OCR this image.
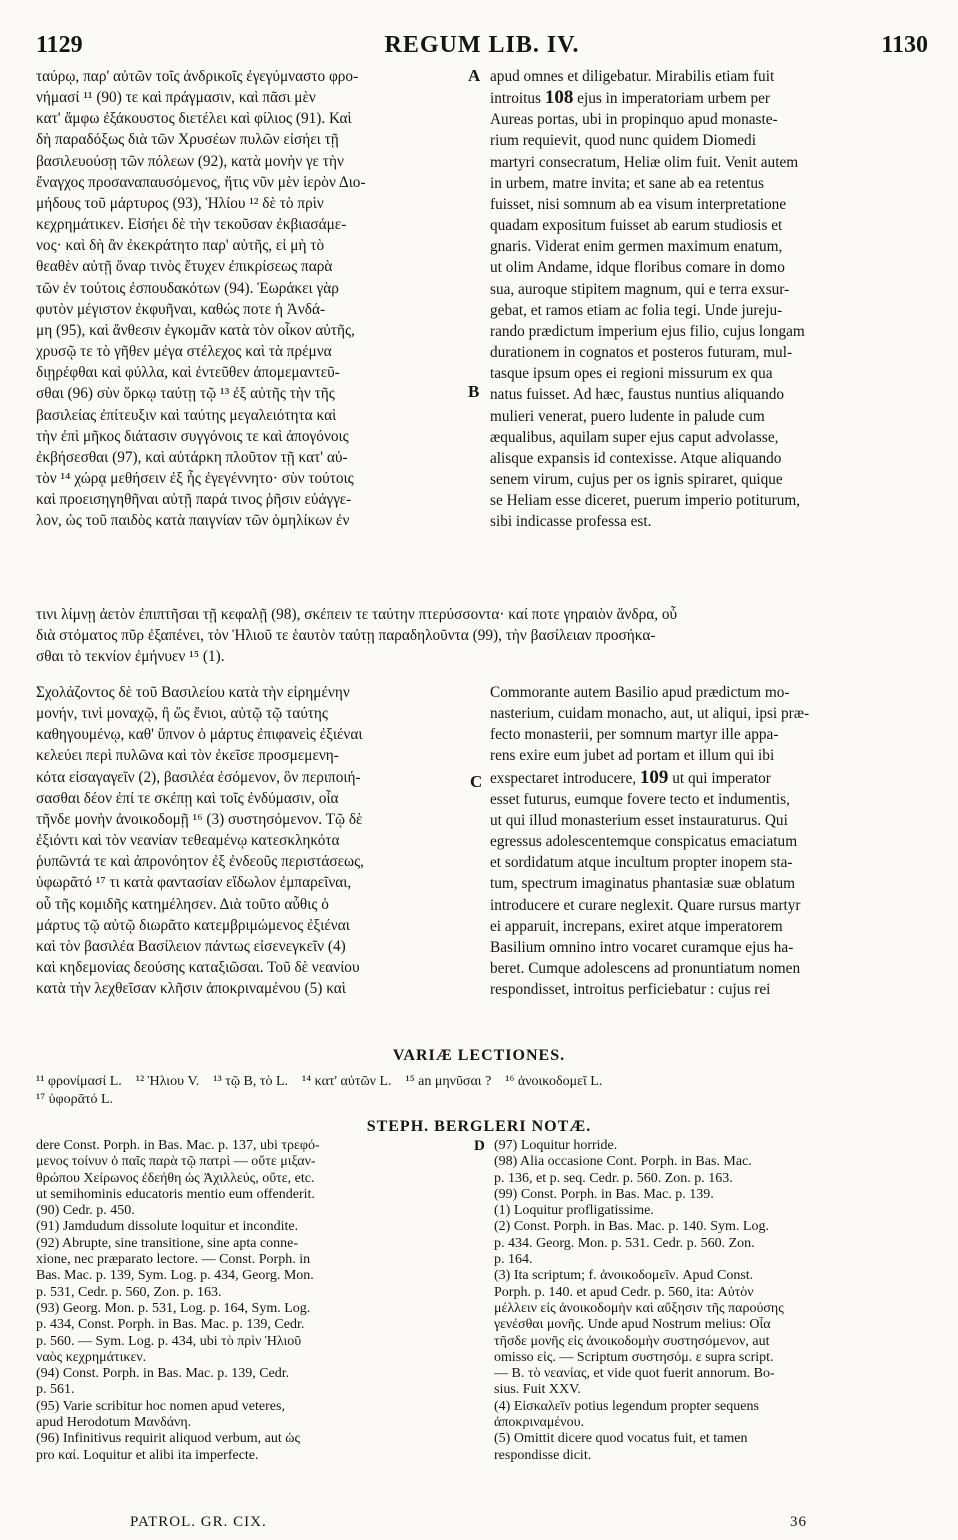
1129	REGUM LIB. IV.	1130
ταύρῳ, παρ' αὐτῶν τοῖς ἀνδρικοῖς ἐγεγύμναστο φρο-
νήμασί ¹¹ (90) τε καὶ πράγμασιν, καὶ πᾶσι μὲν
κατ' ἄμφω ἐξάκουστος διετέλει καὶ φίλιος (91). Καὶ
δὴ παραδόξως διὰ τῶν Χρυσέων πυλῶν εἰσήει τῇ
βασιλευούσῃ τῶν πόλεων (92), κατὰ μονὴν γε τὴν
ἔναγχος προσαναπαυσόμενος, ἥτις νῦν μὲν ἱερὸν Διο-
μήδους τοῦ μάρτυρος (93), Ἡλίου ¹² δὲ τὸ πρὶν
κεχρημάτικεν. Εἰσήει δὲ τὴν τεκοῦσαν ἐκβιασάμε-
νος· καὶ δὴ ἂν ἐκεκράτητο παρ' αὐτῆς, εἰ μὴ τὸ
θεαθὲν αὐτῇ ὄναρ τινὸς ἔτυχεν ἐπικρίσεως παρὰ
τῶν ἐν τούτοις ἐσπουδακότων (94). Ἑωράκει γὰρ
φυτὸν μέγιστον ἐκφυῆναι, καθώς ποτε ἡ Ἀνδά-
μη (95), καὶ ἄνθεσιν ἐγκομᾶν κατὰ τὸν οἶκον αὐτῆς,
χρυσῷ τε τὸ γῆθεν μέγα στέλεχος καὶ τὰ πρέμνα
διῃρέφθαι καὶ φύλλα, καὶ ἐντεῦθεν ἀπομεμαντεῦ-
σθαι (96) σὺν ὅρκῳ ταύτῃ τῷ ¹³ ἐξ αὐτῆς τὴν τῆς
βασιλείας ἐπίτευξιν καὶ ταύτης μεγαλειότητα καὶ
τὴν ἐπὶ μῆκος διάτασιν συγγόνοις τε καὶ ἀπογόνοις
ἐκβήσεσθαι (97), καὶ αὐτάρκη πλοῦτον τῇ κατ' αὐ-
τὸν ¹⁴ χώρᾳ μεθήσειν ἐξ ἧς ἐγεγέννητο· σὺν τούτοις
καὶ προεισηγηθῆναι αὐτῇ παρά τινος ῥῆσιν εὐάγγε-
λον, ὡς τοῦ παιδὸς κατὰ παιγνίαν τῶν ὁμηλίκων ἐν
apud omnes et diligebatur. Mirabilis etiam fuit
introitus 108 ejus in imperatoriam urbem per
Aureas portas, ubi in propinquo apud monaste-
rium requievit, quod nunc quidem Diomedi
martyri consecratum, Heliæ olim fuit. Venit autem
in urbem, matre invita; et sane ab ea retentus
fuisset, nisi somnum ab ea visum interpretatione
quadam expositum fuisset ab earum studiosis et
gnaris. Viderat enim germen maximum enatum,
ut olim Andame, idque floribus comare in domo
sua, auroque stipitem magnum, qui e terra exsur-
gebat, et ramos etiam ac folia tegi. Unde jureju-
rando prædictum imperium ejus filio, cujus longam
durationem in cognatos et posteros futuram, mul-
tasque ipsum opes ei regioni missurum ex qua
natus fuisset. Ad hæc, faustus nuntius aliquando
mulieri venerat, puero ludente in palude cum
æqualibus, aquilam super ejus caput advolasse,
alisque expansis id contexisse. Atque aliquando
senem virum, cujus per os ignis spiraret, quique
se Heliam esse diceret, puerum imperio potiturum,
sibi indicasse professa est.
A
B
τινι λίμνῃ ἀετὸν ἐπιπτῆσαι τῇ κεφαλῇ (98), σκέπειν τε ταύτην πτερύσσοντα· καί ποτε γηραιὸν ἄνδρα, οὗ
διὰ στόματος πῦρ ἐξαπένει, τὸν Ἡλιοῦ τε ἑαυτὸν ταύτῃ παραδηλοῦντα (99), τὴν βασίλειαν προσήκα-
σθαι τὸ τεκνίον ἐμήνυεν ¹⁵ (1).
Σχολάζοντος δὲ τοῦ Βασιλείου κατὰ τὴν εἰρημένην
μονήν, τινὶ μοναχῷ, ἢ ὥς ἔνιοι, αὐτῷ τῷ ταύτης
καθηγουμένῳ, καθ' ὕπνον ὁ μάρτυς ἐπιφανεὶς ἐξιέναι
κελεύει περὶ πυλῶνα καὶ τὸν ἐκεῖσε προσμεμενη-
κότα εἰσαγαγεῖν (2), βασιλέα ἐσόμενον, ὃν περιποιή-
σασθαι δέον ἐπί τε σκέπῃ καὶ τοῖς ἐνδύμασιν, οἷα
τῆνδε μονὴν ἀνοικοδομῇ ¹⁶ (3) συστησόμενον. Τῷ δὲ
ἐξιόντι καὶ τὸν νεανίαν τεθεαμένῳ κατεσκληκότα
ῥυπῶντά τε καὶ ἀπρονόητον ἐξ ἐνδεοῦς περιστάσεως,
ὑφωρᾶτό ¹⁷ τι κατὰ φαντασίαν εἴδωλον ἐμπαρεῖναι,
οὗ τῆς κομιδῆς κατημέλησεν. Διὰ τοῦτο αὖθις ὁ
μάρτυς τῷ αὐτῷ διωρᾶτο κατεμβριμώμενος ἐξιέναι
καὶ τὸν βασιλέα Βασίλειον πάντως εἰσενεγκεῖν (4)
καὶ κηδεμονίας δεούσης καταξιῶσαι. Τοῦ δὲ νεανίου
κατὰ τὴν λεχθεῖσαν κλῆσιν ἀποκριναμένου (5) καὶ
Commorante autem Basilio apud prædictum mo-
nasterium, cuidam monacho, aut, ut aliqui, ipsi præ-
fecto monasterii, per somnum martyr ille appa-
rens exire eum jubet ad portam et illum qui ibi
exspectaret introducere, 109 ut qui imperator
esset futurus, eumque fovere tecto et indumentis,
ut qui illud monasterium esset instauraturus. Qui
egressus adolescentemque conspicatus emaciatum
et sordidatum atque incultum propter inopem sta-
tum, spectrum imaginatus phantasiæ suæ oblatum
introducere et curare neglexit. Quare rursus martyr
ei apparuit, increpans, exiret atque imperatorem
Basilium omnino intro vocaret curamque ejus ha-
beret. Cumque adolescens ad pronuntiatum nomen
respondisset, introitus perficiebatur : cujus rei
C
VARIÆ LECTIONES.
¹¹ φρονίμασί L.    ¹² Ἡλιου V.    ¹³ τῷ B, τὸ L.    ¹⁴ κατ' αὐτῶν L.    ¹⁵ an μηνῦσαι ?    ¹⁶ ἀνοικοδομεῖ L.
¹⁷ ὑφορᾶτό L.
STEPH. BERGLERI NOTÆ.
dere Const. Porph. in Bas. Mac. p. 137, ubi τρεφό-
μενος τοίνυν ὁ παῖς παρὰ τῷ πατρὶ — οὔτε μιξαν-
θρώπου Χείρωνος ἐδεήθη ὡς Ἀχιλλεύς, οὔτε, etc.
ut semihominis educatoris mentio eum offenderit.
(90) Cedr. p. 450.
(91) Jamdudum dissolute loquitur et incondite.
(92) Abrupte, sine transitione, sine apta conne-
xione, nec præparato lectore. — Const. Porph. in
Bas. Mac. p. 139, Sym. Log. p. 434, Georg. Mon.
p. 531, Cedr. p. 560, Zon. p. 163.
(93) Georg. Mon. p. 531, Log. p. 164, Sym. Log.
p. 434, Const. Porph. in Bas. Mac. p. 139, Cedr.
p. 560. — Sym. Log. p. 434, ubi τὸ πρὶν Ἡλιοῦ
ναὸς κεχρημάτικεν.
(94) Const. Porph. in Bas. Mac. p. 139, Cedr.
p. 561.
(95) Varie scribitur hoc nomen apud veteres,
apud Herodotum Μανδάνη.
(96) Infinitivus requirit aliquod verbum, aut ὡς
pro καί. Loquitur et alibi ita imperfecte.
D (97) Loquitur horride.
(98) Alia occasione Cont. Porph. in Bas. Mac.
p. 136, et p. seq. Cedr. p. 560. Zon. p. 163.
(99) Const. Porph. in Bas. Mac. p. 139.
(1) Loquitur profligatissime.
(2) Const. Porph. in Bas. Mac. p. 140. Sym. Log.
p. 434. Georg. Mon. p. 531. Cedr. p. 560. Zon.
p. 164.
(3) Ita scriptum; f. ἀνοικοδομεῖν. Apud Const.
Porph. p. 140. et apud Cedr. p. 560, ita: Αὐτὸν
μέλλειν εἰς ἀνοικοδομὴν καὶ αὔξησιν τῆς παρούσης
γενέσθαι μονῆς. Unde apud Nostrum melius: Οἷα
τῆσδε μονῆς εἰς ἀνοικοδομὴν συστησόμενον, aut
omisso εἰς. — Scriptum συστησόμ. ε supra script.
— B. τὸ νεανίας, et vide quot fuerit annorum. Bo-
sius. Fuit XXV.
(4) Εἰσκαλεῖν potius legendum propter sequens
ἀποκριναμένου.
(5) Omittit dicere quod vocatus fuit, et tamen
respondisse dicit.
PATROL. GR. CIX.	36
